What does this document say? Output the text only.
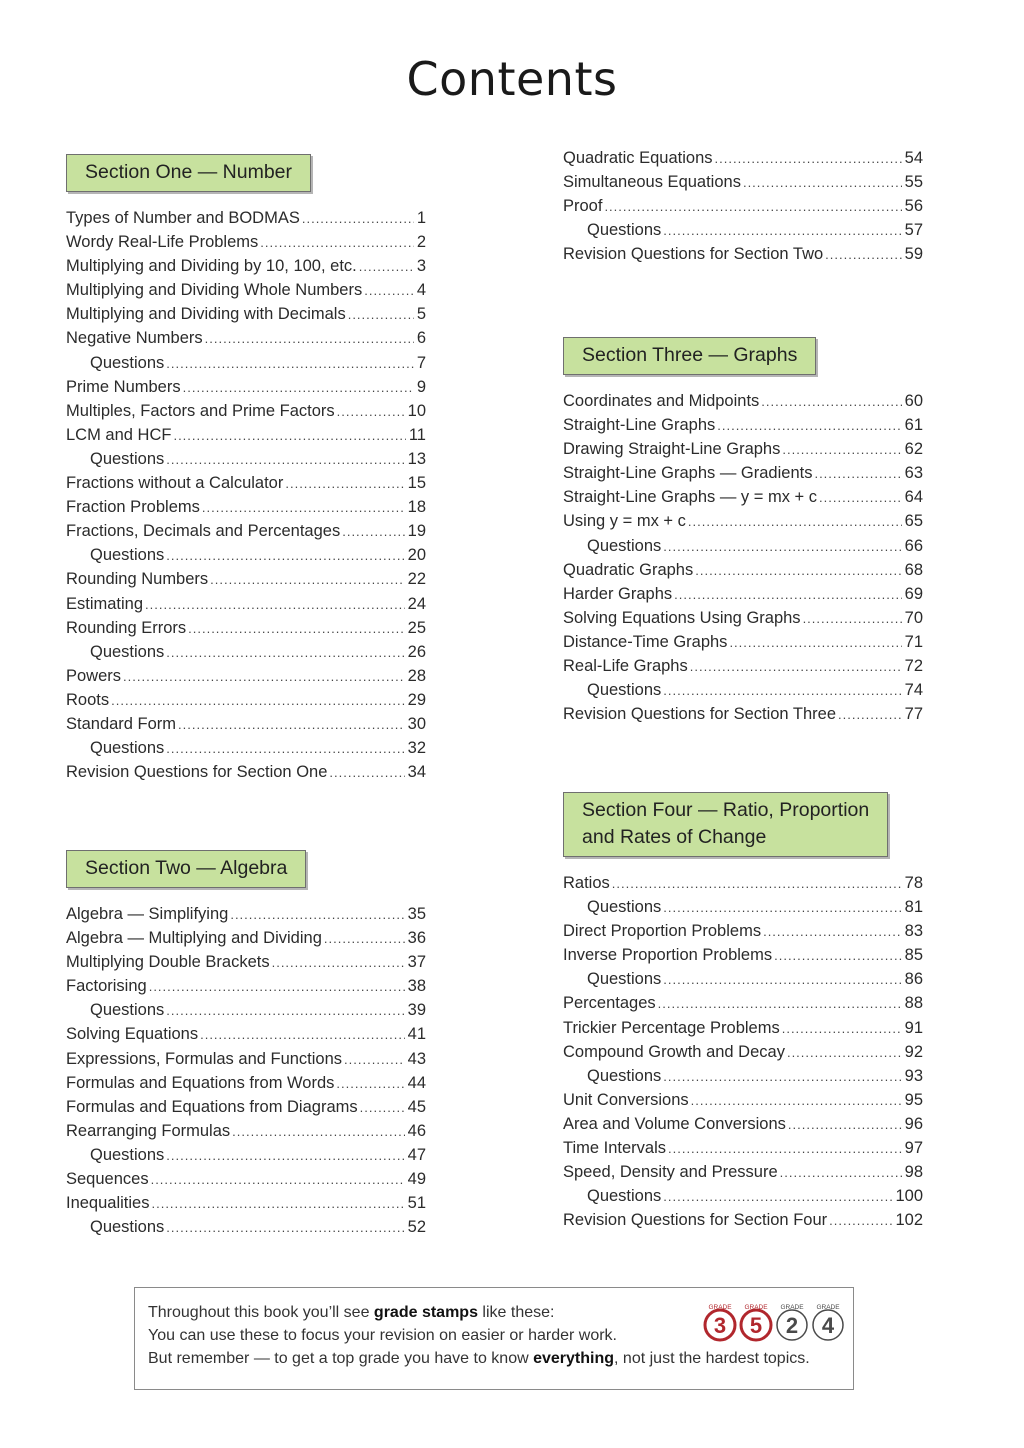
Contents
Section One — Number
Types of Number and BODMAS .....	1
Wordy Real-Life Problems .....	2
Multiplying and Dividing by 10, 100, etc. .....	3
Multiplying and Dividing Whole Numbers .....	4
Multiplying and Dividing with Decimals .....	5
Negative Numbers .....	6
Questions .....	7
Prime Numbers .....	9
Multiples, Factors and Prime Factors .....	10
LCM and HCF .....	11
Questions .....	13
Fractions without a Calculator .....	15
Fraction Problems .....	18
Fractions, Decimals and Percentages .....	19
Questions .....	20
Rounding Numbers .....	22
Estimating .....	24
Rounding Errors .....	25
Questions .....	26
Powers .....	28
Roots .....	29
Standard Form .....	30
Questions .....	32
Revision Questions for Section One .....	34
Section Two — Algebra
Algebra — Simplifying .....	35
Algebra — Multiplying and Dividing .....	36
Multiplying Double Brackets .....	37
Factorising .....	38
Questions .....	39
Solving Equations .....	41
Expressions, Formulas and Functions .....	43
Formulas and Equations from Words .....	44
Formulas and Equations from Diagrams .....	45
Rearranging Formulas .....	46
Questions .....	47
Sequences .....	49
Inequalities .....	51
Questions .....	52
Quadratic Equations .....	54
Simultaneous Equations .....	55
Proof .....	56
Questions .....	57
Revision Questions for Section Two .....	59
Section Three — Graphs
Coordinates and Midpoints .....	60
Straight-Line Graphs .....	61
Drawing Straight-Line Graphs .....	62
Straight-Line Graphs — Gradients .....	63
Straight-Line Graphs — y = mx + c .....	64
Using y = mx + c .....	65
Questions .....	66
Quadratic Graphs .....	68
Harder Graphs .....	69
Solving Equations Using Graphs .....	70
Distance-Time Graphs .....	71
Real-Life Graphs .....	72
Questions .....	74
Revision Questions for Section Three .....	77
Section Four — Ratio, Proportion
and Rates of Change
Ratios .....	78
Questions .....	81
Direct Proportion Problems .....	83
Inverse Proportion Problems .....	85
Questions .....	86
Percentages .....	88
Trickier Percentage Problems .....	91
Compound Growth and Decay .....	92
Questions .....	93
Unit Conversions .....	95
Area and Volume Conversions .....	96
Time Intervals .....	97
Speed, Density and Pressure .....	98
Questions .....	100
Revision Questions for Section Four .....	102
Throughout this book you’ll see grade stamps like these:
You can use these to focus your revision on easier or harder work.
But remember — to get a top grade you have to know everything, not just the hardest topics.
GRADE
3
GRADE
5
GRADE
2
GRADE
4
